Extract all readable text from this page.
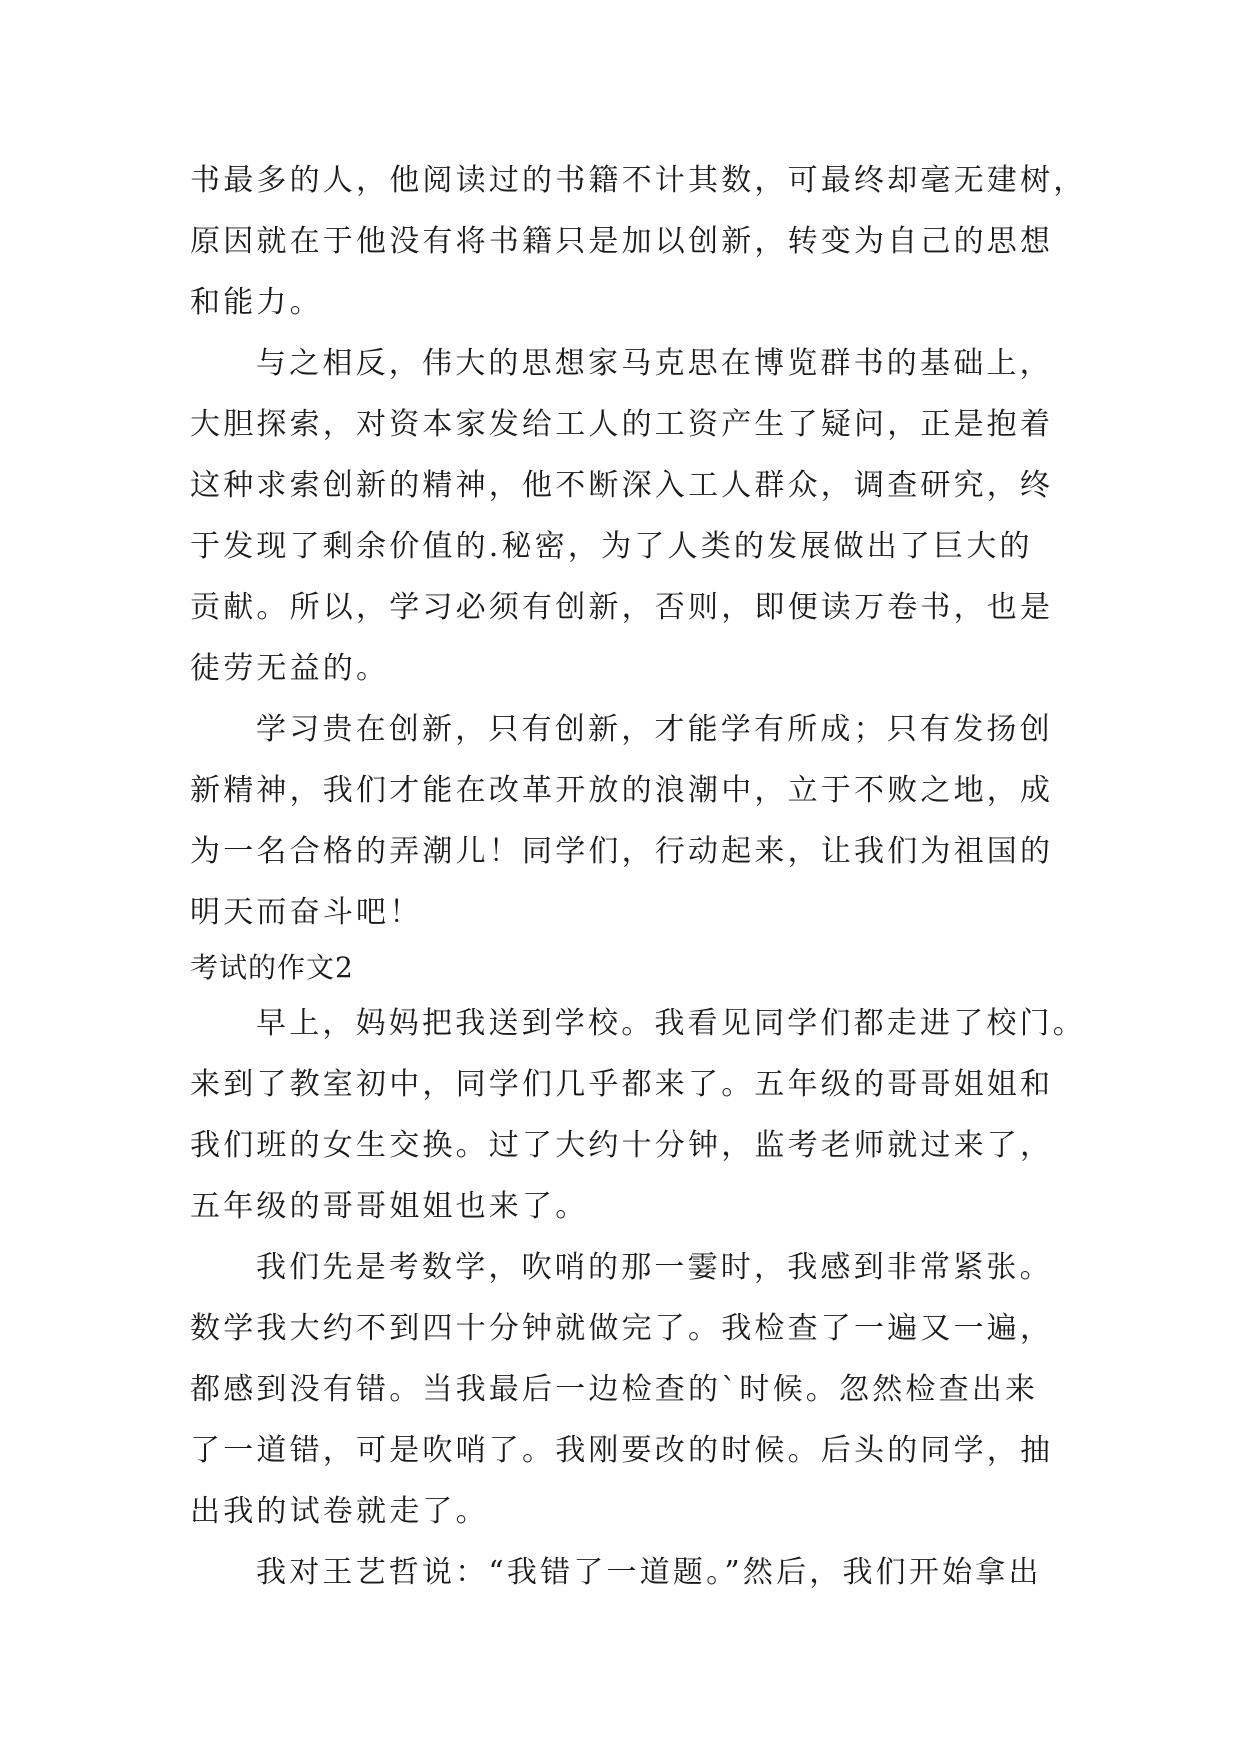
书最多的人，他阅读过的书籍不计其数，可最终却毫无建树，
原因就在于他没有将书籍只是加以创新，转变为自己的思想
和能力。
与之相反，伟大的思想家马克思在博览群书的基础上，
大胆探索，对资本家发给工人的工资产生了疑问，正是抱着
这种求索创新的精神，他不断深入工人群众，调查研究，终
于发现了剩余价值的.秘密，为了人类的发展做出了巨大的
贡献。所以，学习必须有创新，否则，即便读万卷书，也是
徒劳无益的。
学习贵在创新，只有创新，才能学有所成；只有发扬创
新精神，我们才能在改革开放的浪潮中，立于不败之地，成
为一名合格的弄潮儿！同学们，行动起来，让我们为祖国的
明天而奋斗吧！
考试的作文2
早上，妈妈把我送到学校。我看见同学们都走进了校门。
来到了教室初中，同学们几乎都来了。五年级的哥哥姐姐和
我们班的女生交换。过了大约十分钟，监考老师就过来了，
五年级的哥哥姐姐也来了。
我们先是考数学，吹哨的那一霎时，我感到非常紧张。
数学我大约不到四十分钟就做完了。我检查了一遍又一遍，
都感到没有错。当我最后一边检查的`时候。忽然检查出来
了一道错，可是吹哨了。我刚要改的时候。后头的同学，抽
出我的试卷就走了。
我对王艺哲说：“我错了一道题。”然后，我们开始拿出
